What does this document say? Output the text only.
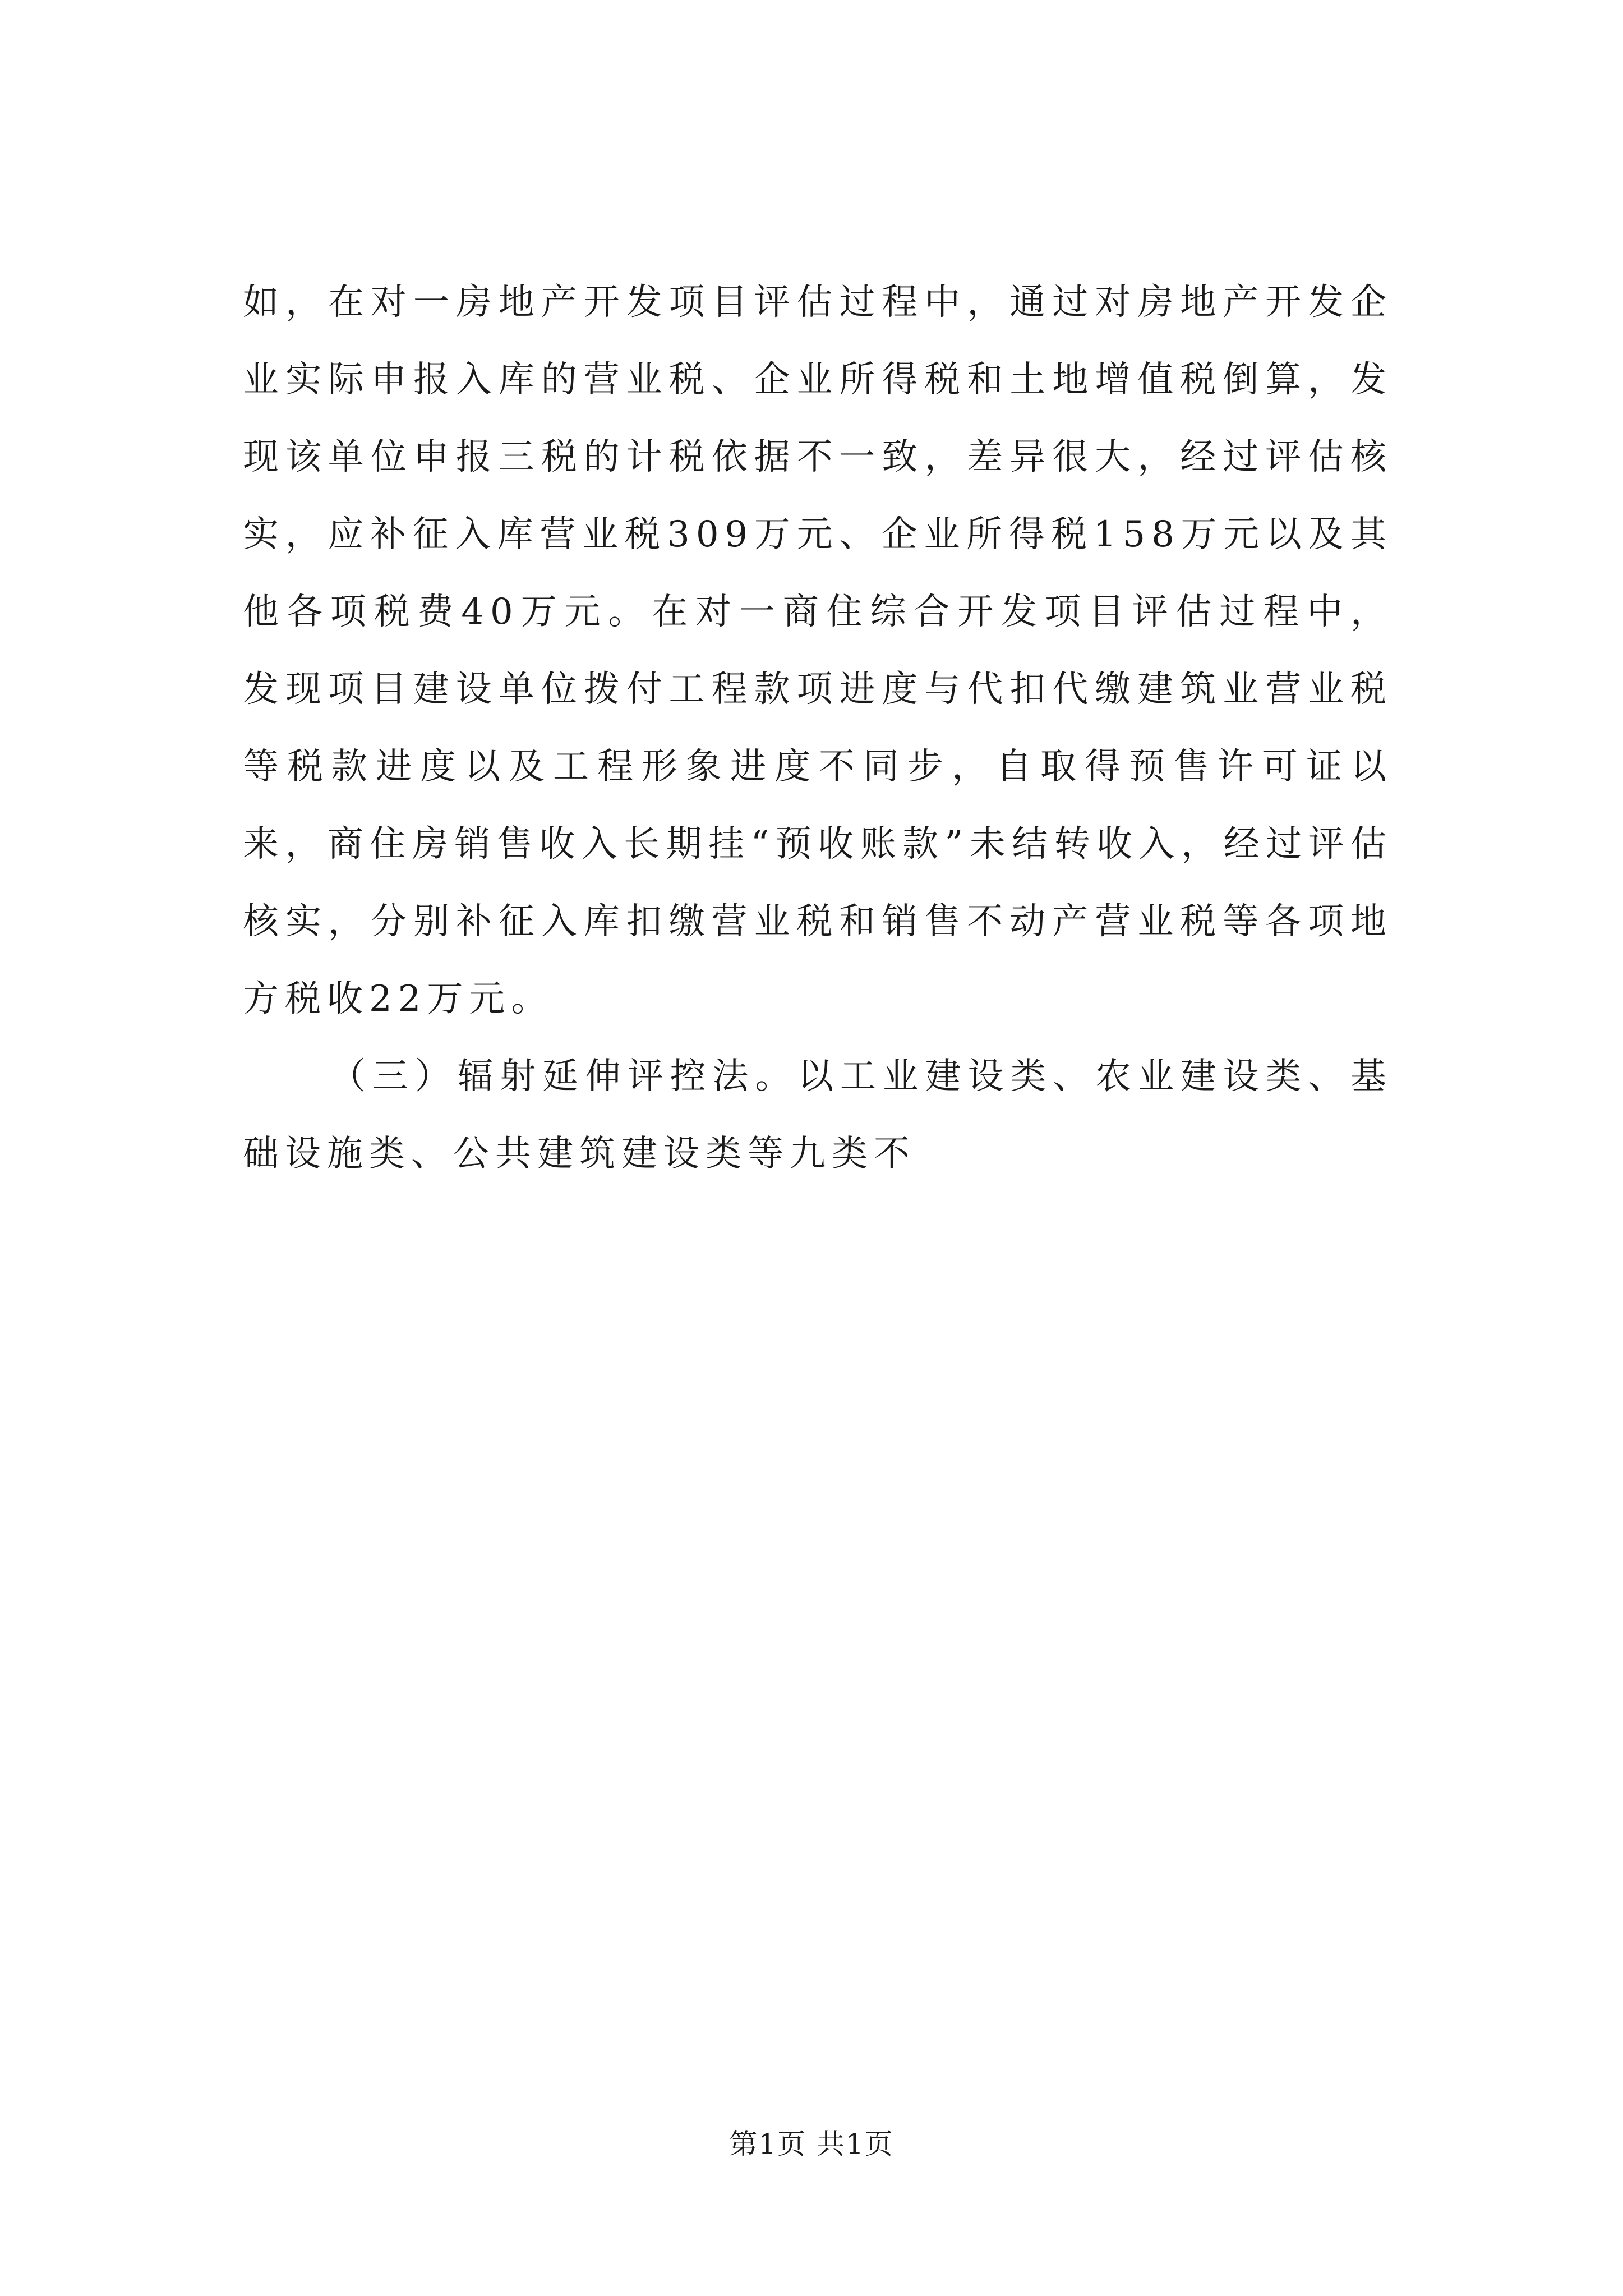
如，在对一房地产开发项目评估过程中，通过对房地产开发企业实际申报入库的营业税、企业所得税和土地增值税倒算，发现该单位申报三税的计税依据不一致，差异很大，经过评估核实，应补征入库营业税309万元、企业所得税158万元以及其他各项税费40万元。在对一商住综合开发项目评估过程中，发现项目建设单位拨付工程款项进度与代扣代缴建筑业营业税等税款进度以及工程形象进度不同步，自取得预售许可证以来，商住房销售收入长期挂“预收账款”未结转收入，经过评估核实，分别补征入库扣缴营业税和销售不动产营业税等各项地方税收22万元。

（三）辐射延伸评控法。以工业建设类、农业建设类、基础设施类、公共建筑建设类等九类不

第1页 共1页
